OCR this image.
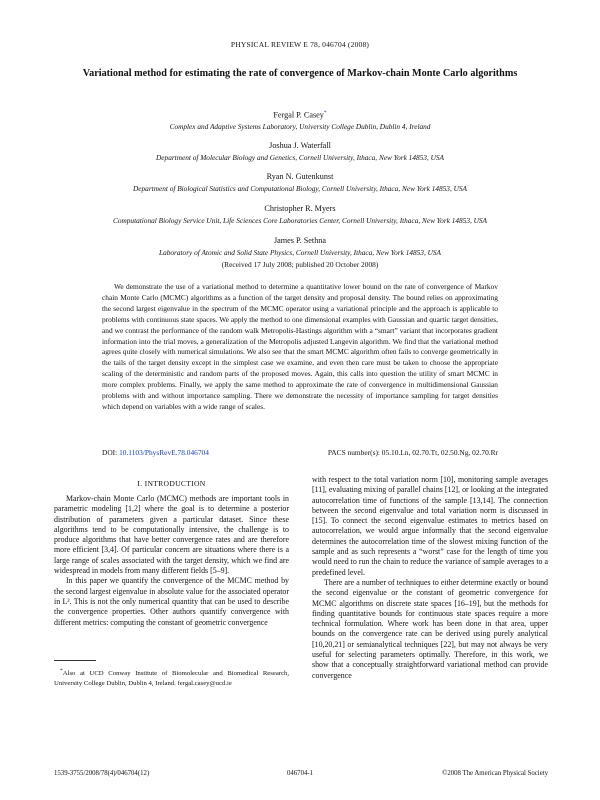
PHYSICAL REVIEW E 78, 046704 (2008)
Variational method for estimating the rate of convergence of Markov-chain Monte Carlo algorithms
Fergal P. Casey*
Complex and Adaptive Systems Laboratory, University College Dublin, Dublin 4, Ireland
Joshua J. Waterfall
Department of Molecular Biology and Genetics, Cornell University, Ithaca, New York 14853, USA
Ryan N. Gutenkunst
Department of Biological Statistics and Computational Biology, Cornell University, Ithaca, New York 14853, USA
Christopher R. Myers
Computational Biology Service Unit, Life Sciences Core Laboratories Center, Cornell University, Ithaca, New York 14853, USA
James P. Sethna
Laboratory of Atomic and Solid State Physics, Cornell University, Ithaca, New York 14853, USA
(Received 17 July 2008; published 20 October 2008)
We demonstrate the use of a variational method to determine a quantitative lower bound on the rate of convergence of Markov chain Monte Carlo (MCMC) algorithms as a function of the target density and proposal density. The bound relies on approximating the second largest eigenvalue in the spectrum of the MCMC operator using a variational principle and the approach is applicable to problems with continuous state spaces. We apply the method to one dimensional examples with Gaussian and quartic target densities, and we contrast the performance of the random walk Metropolis-Hastings algorithm with a “smart” variant that incorporates gradient information into the trial moves, a generalization of the Metropolis adjusted Langevin algorithm. We find that the variational method agrees quite closely with numerical simulations. We also see that the smart MCMC algorithm often fails to converge geometrically in the tails of the target density except in the simplest case we examine, and even then care must be taken to choose the appropriate scaling of the deterministic and random parts of the proposed moves. Again, this calls into question the utility of smart MCMC in more complex problems. Finally, we apply the same method to approximate the rate of convergence in multidimensional Gaussian problems with and without importance sampling. There we demonstrate the necessity of importance sampling for target densities which depend on variables with a wide range of scales.
DOI: 10.1103/PhysRevE.78.046704	PACS number(s): 05.10.Ln, 02.70.Tt, 02.50.Ng, 02.70.Rr
I. INTRODUCTION

Markov-chain Monte Carlo (MCMC) methods are important tools in parametric modeling [1,2] where the goal is to determine a posterior distribution of parameters given a particular dataset. Since these algorithms tend to be computationally intensive, the challenge is to produce algorithms that have better convergence rates and are therefore more efficient [3,4]. Of particular concern are situations where there is a large range of scales associated with the target density, which we find are widespread in models from many different fields [5–9].

In this paper we quantify the convergence of the MCMC method by the second largest eigenvalue in absolute value for the associated operator in L². This is not the only numerical quantity that can be used to describe the convergence properties. Other authors quantify convergence with different metrics: computing the constant of geometric convergence

*Also at UCD Conway Institute of Biomolecular and Biomedical Research, University College Dublin, Dublin 4, Ireland. fergal.casey@ucd.ie

with respect to the total variation norm [10], monitoring sample averages [11], evaluating mixing of parallel chains [12], or looking at the integrated autocorrelation time of functions of the sample [13,14]. The connection between the second eigenvalue and total variation norm is discussed in [15]. To connect the second eigenvalue estimates to metrics based on autocorrelation, we would argue informally that the second eigenvalue determines the autocorrelation time of the slowest mixing function of the sample and as such represents a “worst” case for the length of time you would need to run the chain to reduce the variance of sample averages to a predefined level.

There are a number of techniques to either determine exactly or bound the second eigenvalue or the constant of geometric convergence for MCMC algorithms on discrete state spaces [16–19], but the methods for finding quantitative bounds for continuous state spaces require a more technical formulation. Where work has been done in that area, upper bounds on the convergence rate can be derived using purely analytical [10,20,21] or semianalytical techniques [22], but may not always be very useful for selecting parameters optimally. Therefore, in this work, we show that a conceptually straightforward variational method can provide convergence

1539-3755/2008/78(4)/046704(12)	046704-1	©2008 The American Physical Society
